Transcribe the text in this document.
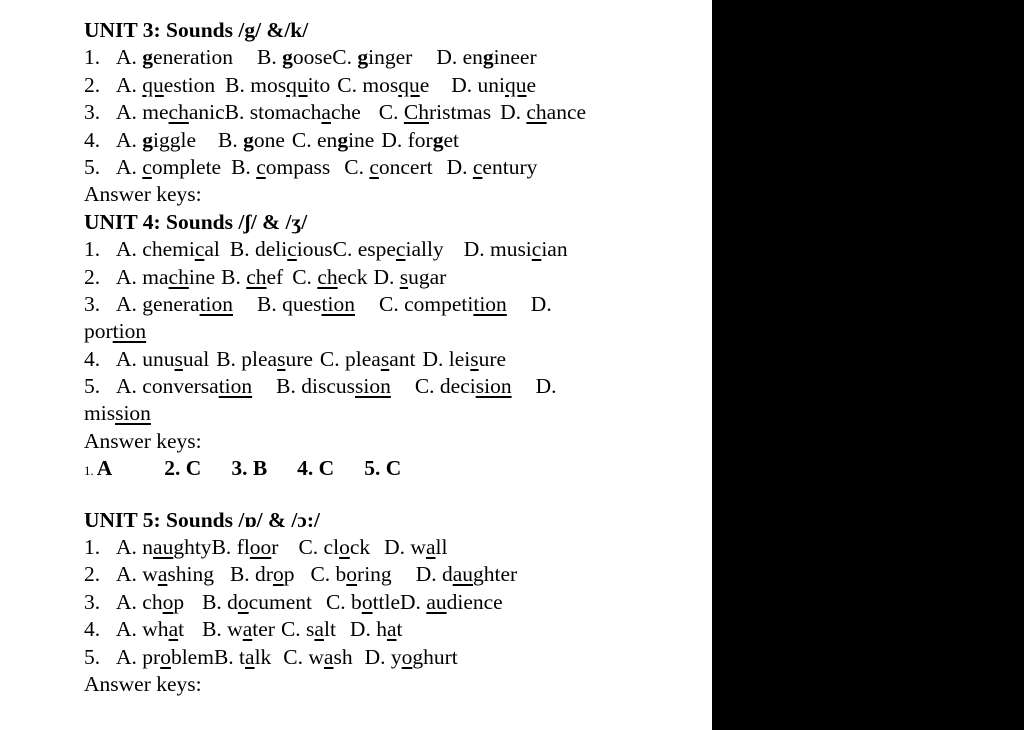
UNIT 3: Sounds /g/ &/k/
1. A. generation B. gooseC. ginger D. engineer
2. A. question B. mosquito C. mosque D. unique
3. A. mechanicB. stomachache C. Christmas D. chance
4. A. giggle B. gone C. engine D. forget
5. A. complete B. compass C. concert D. century
Answer keys:
UNIT 4: Sounds /ʃ/ & /ʒ/
1. A. chemical B. deliciousC. especially D. musician
2. A. machine B. chef C. check D. sugar
3. A. generation B. question C. competition D.
portion
4. A. unusual B. pleasure C. pleasant D. leisure
5. A. conversation B. discussion C. decision D.
mission
Answer keys:
1. A 2. C 3. B 4. C 5. C
UNIT 5: Sounds /ɒ/ & /ɔ:/
1. A. naughtyB. floor C. clock D. wall
2. A. washing B. drop C. boring D. daughter
3. A. chop B. document C. bottleD. audience
4. A. what B. water C. salt D. hat
5. A. problemB. talk C. wash D. yoghurt
Answer keys:
